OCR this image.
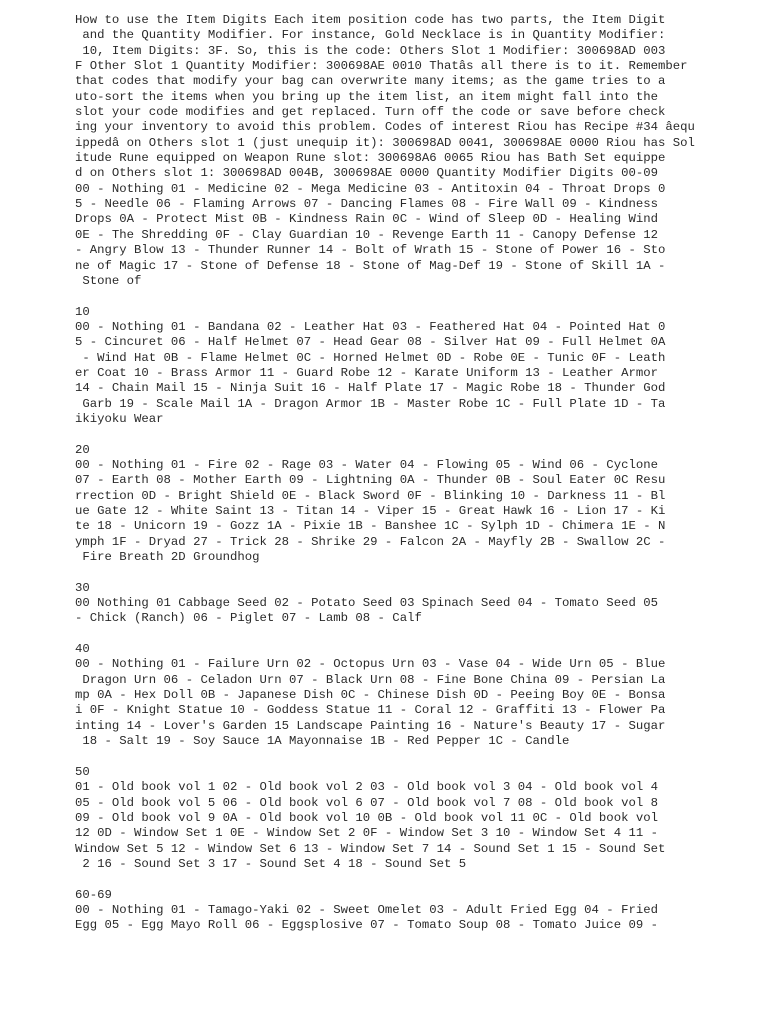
How to use the Item Digits Each item position code has two parts, the Item Digit
and the Quantity Modifier. For instance, Gold Necklace is in Quantity Modifier:
10, Item Digits: 3F. So, this is the code: Others Slot 1 Modifier: 300698AD 003
F Other Slot 1 Quantity Modifier: 300698AE 0010 Thatâs all there is to it. Remember
that codes that modify your bag can overwrite many items; as the game tries to a
uto-sort the items when you bring up the item list, an item might fall into the
slot your code modifies and get replaced. Turn off the code or save before check
ing your inventory to avoid this problem. Codes of interest Riou has Recipe #34 âequ
ippedâ on Others slot 1 (just unequip it): 300698AD 0041, 300698AE 0000 Riou has Sol
itude Rune equipped on Weapon Rune slot: 300698A6 0065 Riou has Bath Set equippe
d on Others slot 1: 300698AD 004B, 300698AE 0000 Quantity Modifier Digits 00-09
00 - Nothing 01 - Medicine 02 - Mega Medicine 03 - Antitoxin 04 - Throat Drops 0
5 - Needle 06 - Flaming Arrows 07 - Dancing Flames 08 - Fire Wall 09 - Kindness
Drops 0A - Protect Mist 0B - Kindness Rain 0C - Wind of Sleep 0D - Healing Wind
0E - The Shredding 0F - Clay Guardian 10 - Revenge Earth 11 - Canopy Defense 12
- Angry Blow 13 - Thunder Runner 14 - Bolt of Wrath 15 - Stone of Power 16 - Sto
ne of Magic 17 - Stone of Defense 18 - Stone of Mag-Def 19 - Stone of Skill 1A -
Stone of
10
00 - Nothing 01 - Bandana 02 - Leather Hat 03 - Feathered Hat 04 - Pointed Hat 0
5 - Cincuret 06 - Half Helmet 07 - Head Gear 08 - Silver Hat 09 - Full Helmet 0A
- Wind Hat 0B - Flame Helmet 0C - Horned Helmet 0D - Robe 0E - Tunic 0F - Leath
er Coat 10 - Brass Armor 11 - Guard Robe 12 - Karate Uniform 13 - Leather Armor
14 - Chain Mail 15 - Ninja Suit 16 - Half Plate 17 - Magic Robe 18 - Thunder God
Garb 19 - Scale Mail 1A - Dragon Armor 1B - Master Robe 1C - Full Plate 1D - Ta
ikiyoku Wear
20
00 - Nothing 01 - Fire 02 - Rage 03 - Water 04 - Flowing 05 - Wind 06 - Cyclone
07 - Earth 08 - Mother Earth 09 - Lightning 0A - Thunder 0B - Soul Eater 0C Resu
rrection 0D - Bright Shield 0E - Black Sword 0F - Blinking 10 - Darkness 11 - Bl
ue Gate 12 - White Saint 13 - Titan 14 - Viper 15 - Great Hawk 16 - Lion 17 - Ki
te 18 - Unicorn 19 - Gozz 1A - Pixie 1B - Banshee 1C - Sylph 1D - Chimera 1E - N
ymph 1F - Dryad 27 - Trick 28 - Shrike 29 - Falcon 2A - Mayfly 2B - Swallow 2C -
Fire Breath 2D Groundhog
30
00 Nothing 01 Cabbage Seed 02 - Potato Seed 03 Spinach Seed 04 - Tomato Seed 05
- Chick (Ranch) 06 - Piglet 07 - Lamb 08 - Calf
40
00 - Nothing 01 - Failure Urn 02 - Octopus Urn 03 - Vase 04 - Wide Urn 05 - Blue
Dragon Urn 06 - Celadon Urn 07 - Black Urn 08 - Fine Bone China 09 - Persian La
mp 0A - Hex Doll 0B - Japanese Dish 0C - Chinese Dish 0D - Peeing Boy 0E - Bonsa
i 0F - Knight Statue 10 - Goddess Statue 11 - Coral 12 - Graffiti 13 - Flower Pa
inting 14 - Lover's Garden 15 Landscape Painting 16 - Nature's Beauty 17 - Sugar
18 - Salt 19 - Soy Sauce 1A Mayonnaise 1B - Red Pepper 1C - Candle
50
01 - Old book vol 1 02 - Old book vol 2 03 - Old book vol 3 04 - Old book vol 4
05 - Old book vol 5 06 - Old book vol 6 07 - Old book vol 7 08 - Old book vol 8
09 - Old book vol 9 0A - Old book vol 10 0B - Old book vol 11 0C - Old book vol
12 0D - Window Set 1 0E - Window Set 2 0F - Window Set 3 10 - Window Set 4 11 -
Window Set 5 12 - Window Set 6 13 - Window Set 7 14 - Sound Set 1 15 - Sound Set
2 16 - Sound Set 3 17 - Sound Set 4 18 - Sound Set 5
60-69
00 - Nothing 01 - Tamago-Yaki 02 - Sweet Omelet 03 - Adult Fried Egg 04 - Fried
Egg 05 - Egg Mayo Roll 06 - Eggsplosive 07 - Tomato Soup 08 - Tomato Juice 09 -
